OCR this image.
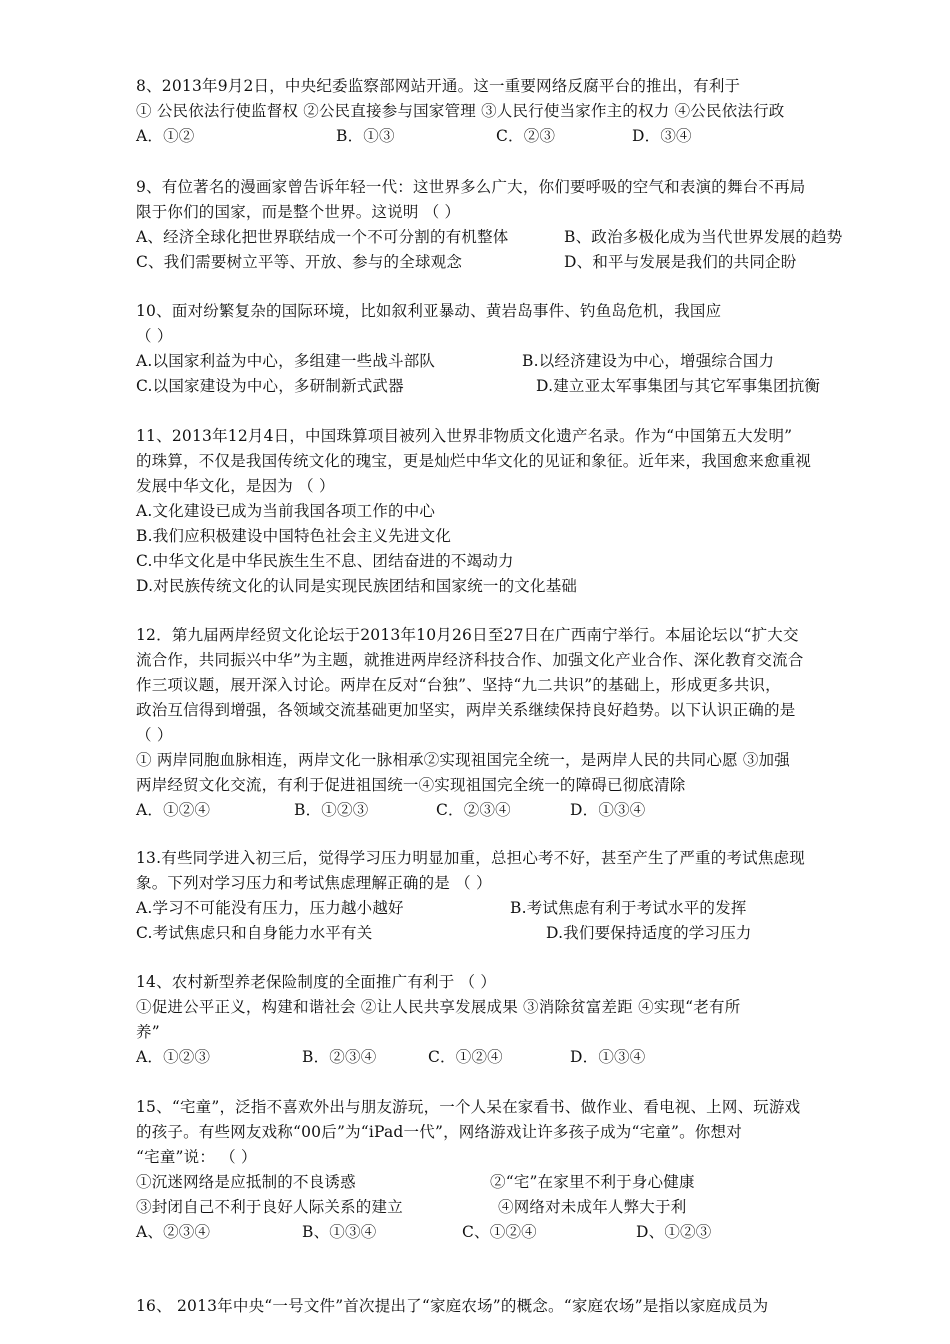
8、2013年9月2日，中央纪委监察部网站开通。这一重要网络反腐平台的推出，有利于
① 公民依法行使监督权 ②公民直接参与国家管理 ③人民行使当家作主的权力 ④公民依法行政
A．①②	B．①③	C．②③	D．③④
9、有位著名的漫画家曾告诉年轻一代：这世界多么广大，你们要呼吸的空气和表演的舞台不再局
限于你们的国家，而是整个世界。这说明 （ ）
A、经济全球化把世界联结成一个不可分割的有机整体	B、政治多极化成为当代世界发展的趋势
C、我们需要树立平等、开放、参与的全球观念	D、和平与发展是我们的共同企盼
10、面对纷繁复杂的国际环境，比如叙利亚暴动、黄岩岛事件、钓鱼岛危机，我国应
（ ）
A.以国家利益为中心，多组建一些战斗部队	B.以经济建设为中心，增强综合国力
C.以国家建设为中心，多研制新式武器	D.建立亚太军事集团与其它军事集团抗衡
11、2013年12月4日，中国珠算项目被列入世界非物质文化遗产名录。作为“中国第五大发明”
的珠算，不仅是我国传统文化的瑰宝，更是灿烂中华文化的见证和象征。近年来，我国愈来愈重视
发展中华文化，是因为 （ ）
A.文化建设已成为当前我国各项工作的中心
B.我们应积极建设中国特色社会主义先进文化
C.中华文化是中华民族生生不息、团结奋进的不竭动力
D.对民族传统文化的认同是实现民族团结和国家统一的文化基础
12．第九届两岸经贸文化论坛于2013年10月26日至27日在广西南宁举行。本届论坛以“扩大交
流合作，共同振兴中华”为主题，就推进两岸经济科技合作、加强文化产业合作、深化教育交流合
作三项议题，展开深入讨论。两岸在反对“台独”、坚持“九二共识”的基础上，形成更多共识，
政治互信得到增强，各领域交流基础更加坚实，两岸关系继续保持良好趋势。以下认识正确的是
（ ）
① 两岸同胞血脉相连，两岸文化一脉相承②实现祖国完全统一，是两岸人民的共同心愿 ③加强
两岸经贸文化交流，有利于促进祖国统一④实现祖国完全统一的障碍已彻底清除
A．①②④	B．①②③	C．②③④	D．①③④
13.有些同学进入初三后，觉得学习压力明显加重，总担心考不好，甚至产生了严重的考试焦虑现
象。下列对学习压力和考试焦虑理解正确的是 （ ）
A.学习不可能没有压力，压力越小越好	B.考试焦虑有利于考试水平的发挥
C.考试焦虑只和自身能力水平有关	D.我们要保持适度的学习压力
14、农村新型养老保险制度的全面推广有利于 （ ）
①促进公平正义，构建和谐社会 ②让人民共享发展成果 ③消除贫富差距 ④实现“老有所
养”
A．①②③	B．②③④	C．①②④	D．①③④
15、“宅童”，泛指不喜欢外出与朋友游玩，一个人呆在家看书、做作业、看电视、上网、玩游戏
的孩子。有些网友戏称“00后”为“iPad一代”，网络游戏让许多孩子成为“宅童”。你想对
“宅童”说： （ ）
①沉迷网络是应抵制的不良诱惑	②“宅”在家里不利于身心健康
③封闭自己不利于良好人际关系的建立	④网络对未成年人弊大于利
A、②③④	B、①③④	C、①②④	D、①②③
16、 2013年中央“一号文件”首次提出了“家庭农场”的概念。“家庭农场”是指以家庭成员为
